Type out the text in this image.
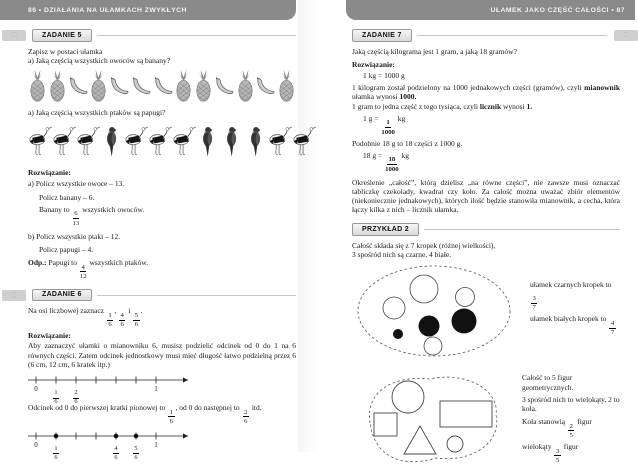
86 • DZIAŁANIA NA UŁAMKACH ZWYKŁYCH	UŁAMEK JAKO CZĘŚĆ CAŁOŚCI • 87
·····
·····	ZADANIE 5

Zapisz w postaci ułamka

a) Jaką częścią wszystkich owoców są banany?

a) Jaką częścią wszystkich ptaków są papugi?

Rozwiązanie:

a) Policz wszystkie owoce – 13.

Policz banany – 6.

Banany to
$\frac{6}{13}$
wszystkich owoców.

b) Policz wszystkie ptaki – 12.

Policz papugi – 4.

Odp.: Papugi to
$\frac{4}{12}$
wszystkich ptaków.

·····
·····	ZADANIE 6

Na osi liczbowej zaznacz
$\frac{1}{6}$
,
$\frac{4}{6}$
i
$\frac{5}{6}$
.

Rozwiązanie:

Aby zaznaczyć ułamki o mianowniku 6, musisz podzielić odcinek od 0 do 1 na 6 równych części. Zatem odcinek jednostkowy musi mieć długość łatwo podzielną przez 6 (6 cm, 12 cm, 6 kratek itp.)

0
$\frac{1}{6} \frac{2}{6}$
1

Odcinek od 0 do pierwszej kratki pionowej to
$\frac{1}{6}$
, od 0 do następnej to
$\frac{2}{6}$
itd.

0
$\frac{1}{6}$	$\frac{4}{6} \frac{5}{6}$
1
ZADANIE 7	·····
·····

Jaką częścią kilograma jest 1 gram, a jaką 18 gramów?

Rozwiązanie:

1 kg = 1000 g

1 kilogram został podzielony na 1000 jednakowych części (gramów), czyli mianownik ułamka wynosi 1000.

1 gram to jedna część z tego tysiąca, czyli licznik wynosi 1.

1 g =
$\frac{1}{1000}$
kg

Podobnie 18 g to 18 części z 1000 g.

18 g =
$\frac{18}{1000}$
kg

Określenie „całość”, którą dzielisz „na równe części”, nie zawsze musi oznaczać tabliczkę czekolady, kwadrat czy koło. Za całość można uważać zbiór elementów (niekoniecznie jednakowych), których ilość będzie stanowiła mianownik, a cecha, która łączy kilka z nich – licznik ułamka.

PRZYKŁAD 2

Całość składa się z 7 kropek (różnej wielkości),

3 spośród nich są czarne, 4 białe.

ułamek czarnych kropek to
$\frac{3}{7}$

ułamek białych kropek to
$\frac{4}{7}$

Całość to 5 figur geometrycznych.

3 spośród nich to wielokąty, 2 to koła.

Koła stanowią
$\frac{2}{5}$
figur

wielokąty
$\frac{3}{5}$
figur
